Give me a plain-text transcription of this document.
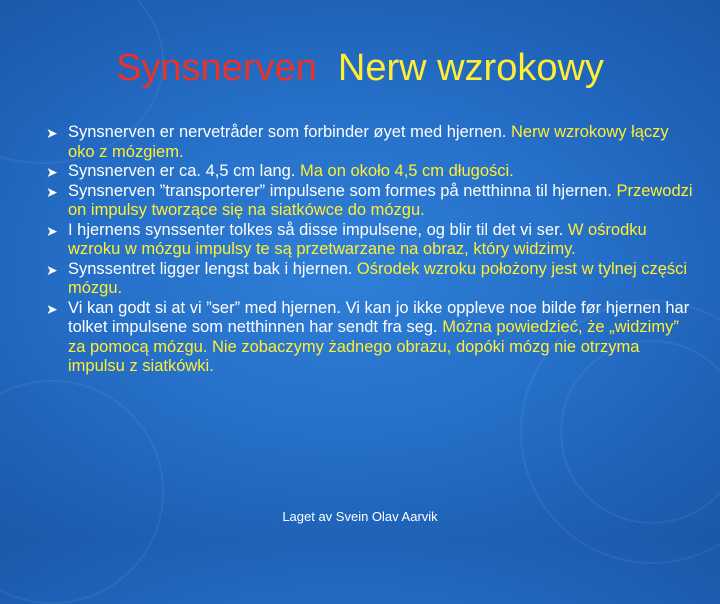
Synsnerven Nerw wzrokowy
➤ Synsnerven er nervetråder som forbinder øyet med hjernen. Nerw wzrokowy łączy oko z mózgiem.
➤ Synsnerven er ca. 4,5 cm lang. Ma on około 4,5 cm długości.
➤ Synsnerven ”transporterer” impulsene som formes på netthinna til hjernen. Przewodzi on impulsy tworzące się na siatkówce do mózgu.
➤ I hjernens synssenter tolkes så disse impulsene, og blir til det vi ser. W ośrodku wzroku w mózgu impulsy te są przetwarzane na obraz, który widzimy.
➤ Synssentret ligger lengst bak i hjernen. Ośrodek wzroku położony jest w tylnej części mózgu.
➤ Vi kan godt si at vi ”ser” med hjernen. Vi kan jo ikke oppleve noe bilde før hjernen har tolket impulsene som netthinnen har sendt fra seg. Można powiedzieć, że „widzimy” za pomocą mózgu. Nie zobaczymy żadnego obrazu, dopóki mózg nie otrzyma impulsu z siatkówki.
Laget av Svein Olav Aarvik
